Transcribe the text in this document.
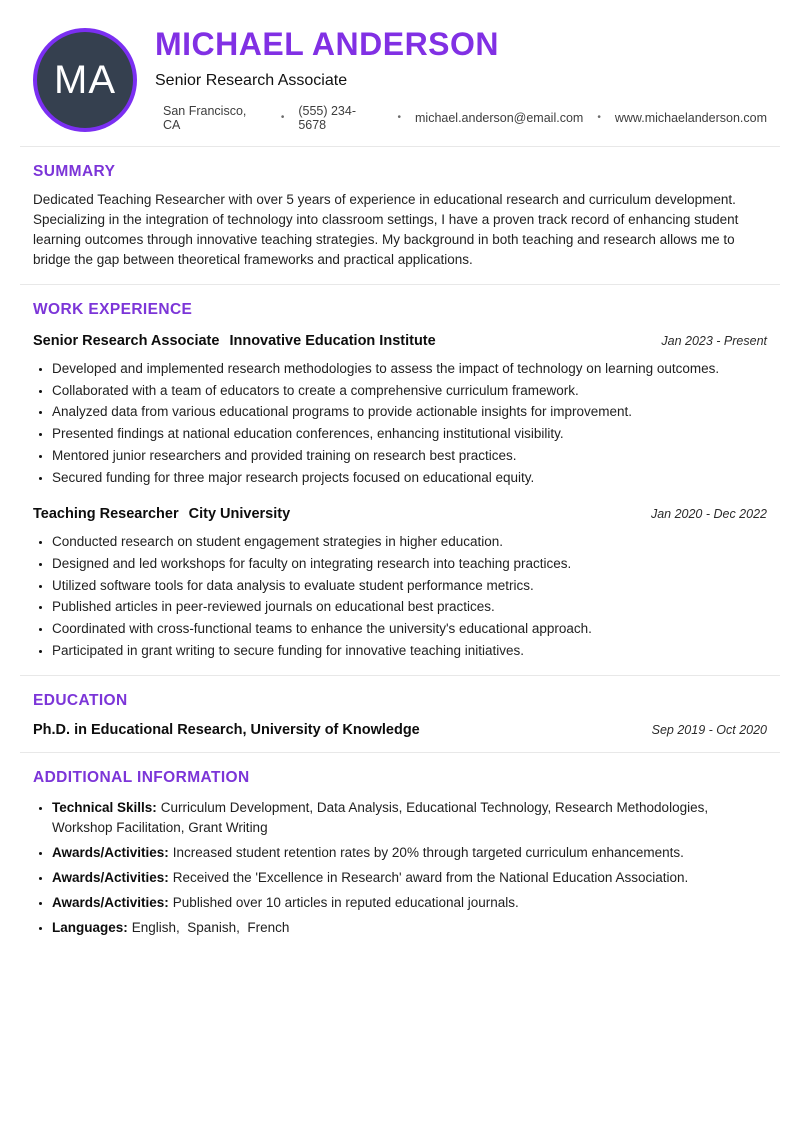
MA
MICHAEL ANDERSON
Senior Research Associate
San Francisco, CA	• (555) 234-5678	• michael.anderson@email.com • www.michaelanderson.com
SUMMARY

Dedicated Teaching Researcher with over 5 years of experience in educational research and curriculum development. Specializing in the integration of technology into classroom settings, I have a proven track record of enhancing student learning outcomes through innovative teaching strategies. My background in both teaching and research allows me to bridge the gap between theoretical frameworks and practical applications.

WORK EXPERIENCE
Senior Research Associate Innovative Education Institute	Jan 2023 - Present
• Developed and implemented research methodologies to assess the impact of technology on learning outcomes.
• Collaborated with a team of educators to create a comprehensive curriculum framework.
• Analyzed data from various educational programs to provide actionable insights for improvement.
• Presented findings at national education conferences, enhancing institutional visibility.
• Mentored junior researchers and provided training on research best practices.
• Secured funding for three major research projects focused on educational equity.
Teaching Researcher City University	Jan 2020 - Dec 2022
• Conducted research on student engagement strategies in higher education.
• Designed and led workshops for faculty on integrating research into teaching practices.
• Utilized software tools for data analysis to evaluate student performance metrics.
• Published articles in peer-reviewed journals on educational best practices.
• Coordinated with cross-functional teams to enhance the university's educational approach.
• Participated in grant writing to secure funding for innovative teaching initiatives.
EDUCATION
Ph.D. in Educational Research, University of Knowledge	Sep 2019 - Oct 2020
ADDITIONAL INFORMATION
• Technical Skills: Curriculum Development, Data Analysis, Educational Technology, Research Methodologies, Workshop Facilitation, Grant Writing
• Awards/Activities: Increased student retention rates by 20% through targeted curriculum enhancements.
• Awards/Activities: Received the 'Excellence in Research' award from the National Education Association.
• Awards/Activities: Published over 10 articles in reputed educational journals.
• Languages: English,  Spanish,  French
